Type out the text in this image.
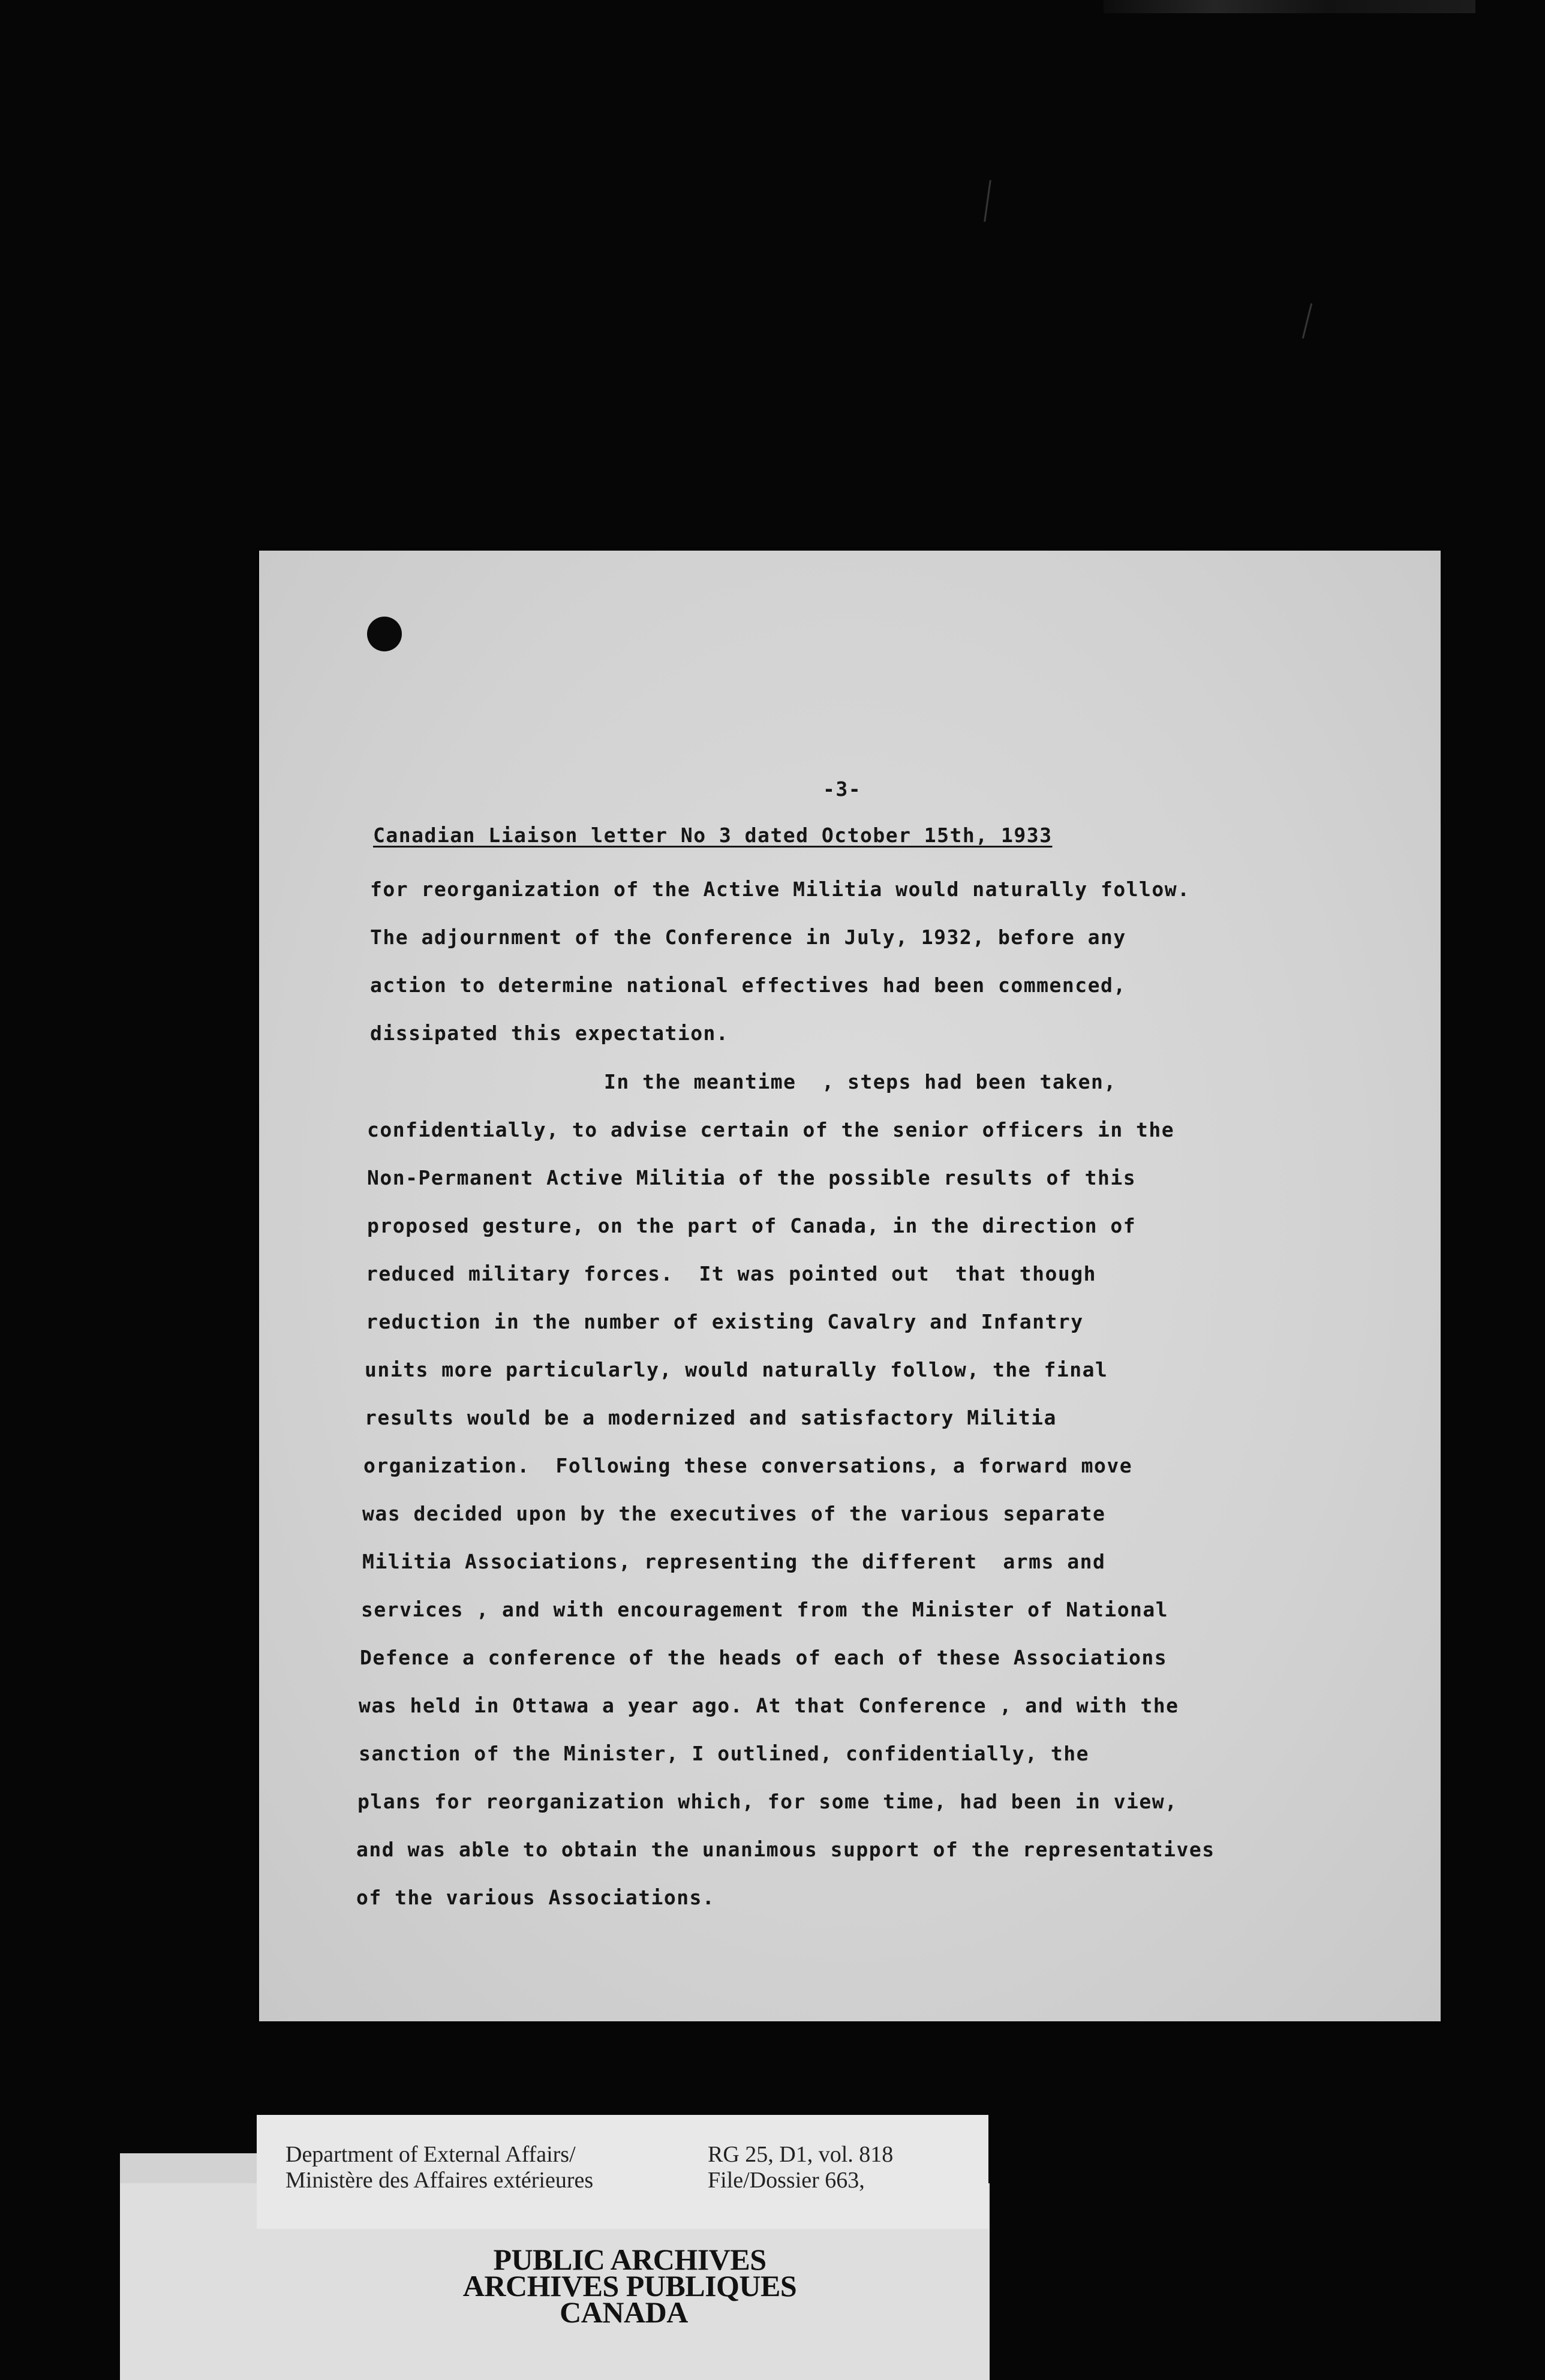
-3-
Canadian Liaison letter No 3 dated October 15th, 1933
for reorganization of the Active Militia would naturally follow.
The adjournment of the Conference in July, 1932, before any
action to determine national effectives had been commenced,
dissipated this expectation.
In the meantime  , steps had been taken,
confidentially, to advise certain of the senior officers in the
Non-Permanent Active Militia of the possible results of this
proposed gesture, on the part of Canada, in the direction of
reduced military forces.  It was pointed out  that though
reduction in the number of existing Cavalry and Infantry
units more particularly, would naturally follow, the final
results would be a modernized and satisfactory Militia
organization.  Following these conversations, a forward move
was decided upon by the executives of the various separate
Militia Associations, representing the different  arms and
services , and with encouragement from the Minister of National
Defence a conference of the heads of each of these Associations
was held in Ottawa a year ago. At that Conference , and with the
sanction of the Minister, I outlined, confidentially, the
plans for reorganization which, for some time, had been in view,
and was able to obtain the unanimous support of the representatives
of the various Associations.
Department of External Affairs/
Ministère des Affaires extérieures
RG 25, D1, vol. 818
File/Dossier 663,
PUBLIC ARCHIVES
ARCHIVES PUBLIQUES
CANADA
